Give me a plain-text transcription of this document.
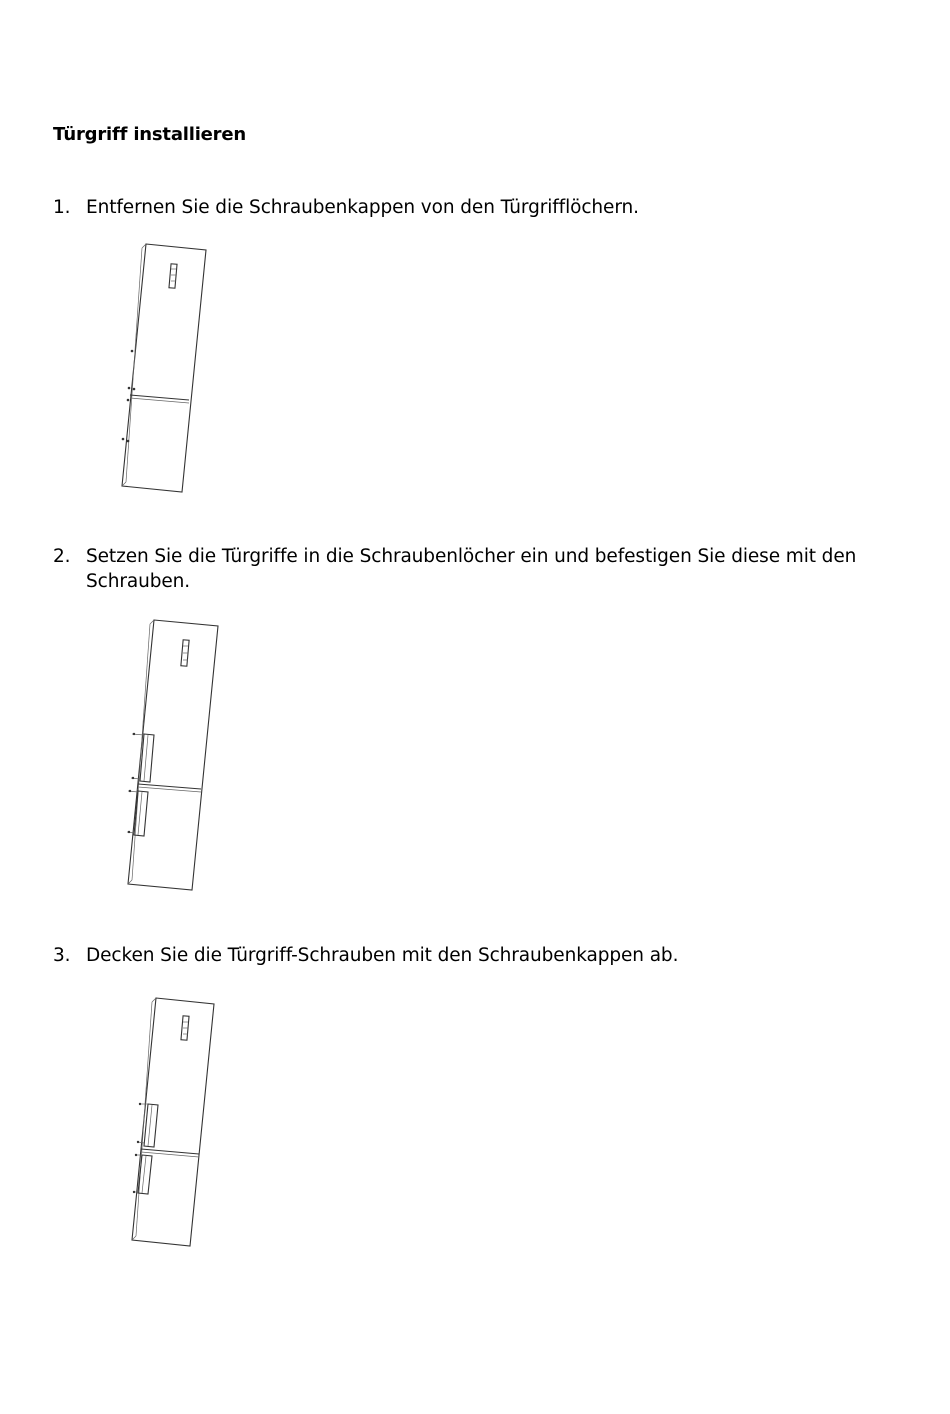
Türgriff installieren
1. Entfernen Sie die Schraubenkappen von den Türgrifflöchern.
2. Setzen Sie die Türgriffe in die Schraubenlöcher ein und befestigen Sie diese mit den Schrauben.
3. Decken Sie die Türgriff-Schrauben mit den Schraubenkappen ab.
